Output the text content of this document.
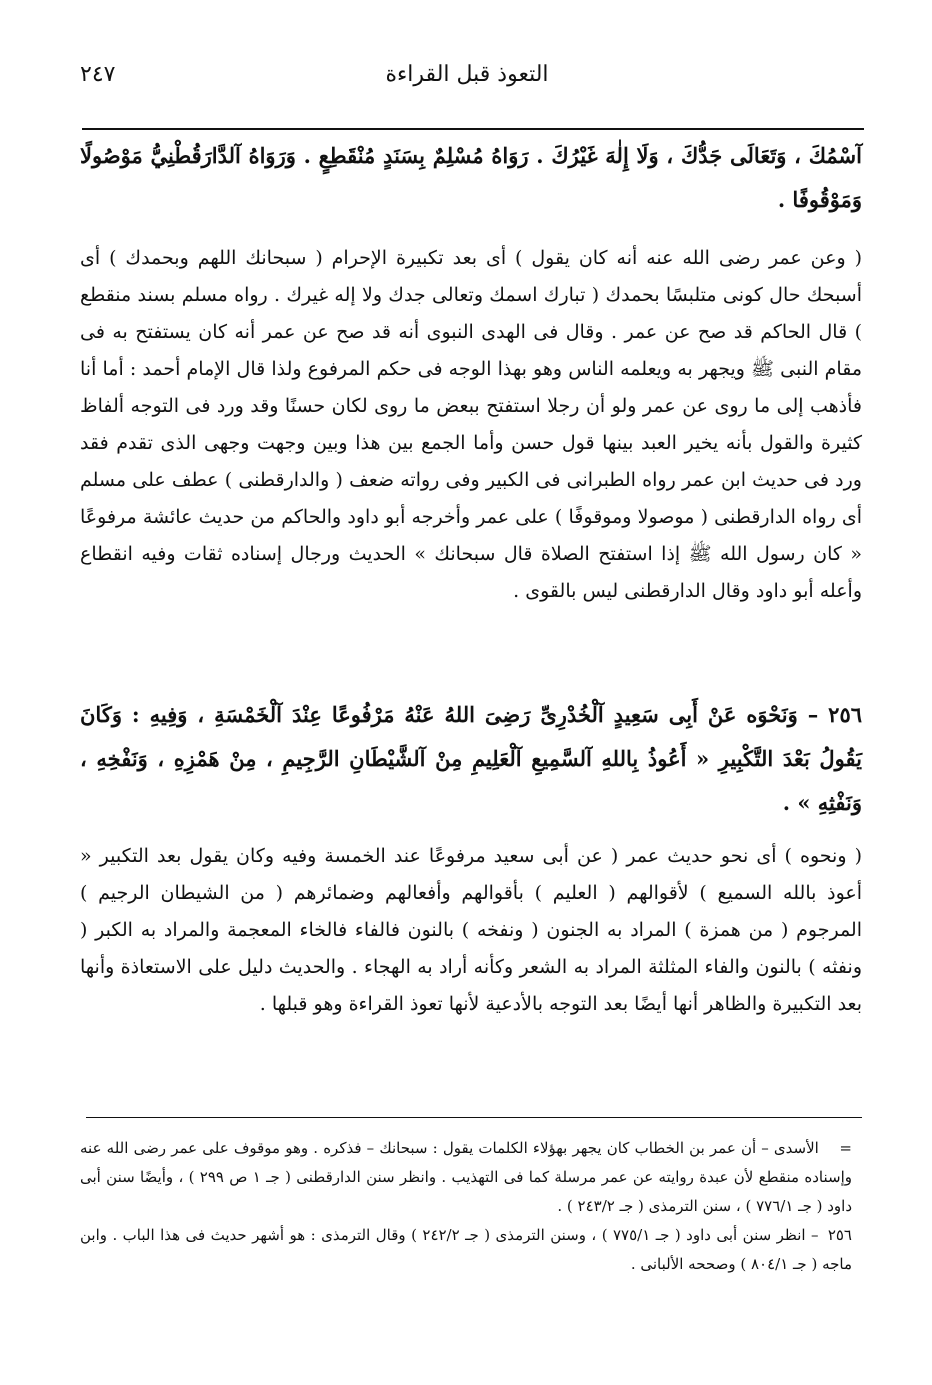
التعوذ قبل القراءة
٢٤٧

آسْمُكَ ، وَتَعَالَى جَدُّكَ ، وَلَا إِلٰهَ غَيْرُكَ . رَوَاهُ مُسْلِمٌ بِسَنَدٍ مُنْقَطِعٍ . وَرَوَاهُ آلدَّارَقُطْنِيُّ مَوْصُولًا وَمَوْقُوفًا .

( وعن عمر رضى الله عنه أنه كان يقول ) أى بعد تكبيرة الإحرام ( سبحانك اللهم وبحمدك ) أى أسبحك حال كونى متلبسًا بحمدك ( تبارك اسمك وتعالى جدك ولا إله غيرك . رواه مسلم بسند منقطع ) قال الحاكم قد صح عن عمر . وقال فى الهدى النبوى أنه قد صح عن عمر أنه كان يستفتح به فى مقام النبى ﷺ ويجهر به ويعلمه الناس وهو بهذا الوجه فى حكم المرفوع ولذا قال الإمام أحمد : أما أنا فأذهب إلى ما روى عن عمر ولو أن رجلا استفتح ببعض ما روى لكان حسنًا وقد ورد فى التوجه ألفاظ كثيرة والقول بأنه يخير العبد بينها قول حسن وأما الجمع بين هذا وبين وجهت وجهى الذى تقدم فقد ورد فى حديث ابن عمر رواه الطبرانى فى الكبير وفى رواته ضعف ( والدارقطنى ) عطف على مسلم أى رواه الدارقطنى ( موصولا وموقوفًا ) على عمر وأخرجه أبو داود والحاكم من حديث عائشة مرفوعًا « كان رسول الله ﷺ إذا استفتح الصلاة قال سبحانك » الحديث ورجال إسناده ثقات وفيه انقطاع وأعله أبو داود وقال الدارقطنى ليس بالقوى .

٢٥٦ – وَنَحْوَه عَنْ أَبِى سَعِيدٍ آلْخُدْرِىِّ رَضِىَ اللهُ عَنْهُ مَرْفُوعًا عِنْدَ آلْخَمْسَةِ ، وَفِيهِ : وَكَانَ يَقُولُ بَعْدَ التَّكْبِيرِ « أَعُوذُ بِاللهِ آلسَّمِيعِ آلْعَلِيمِ مِنْ آلشَّيْطَانِ الرَّجِيمِ ، مِنْ هَمْزِهِ ، وَنَفْخِهِ ، وَنَفْثِهِ » .

( ونحوه ) أى نحو حديث عمر ( عن أبى سعيد مرفوعًا عند الخمسة وفيه وكان يقول بعد التكبير « أعوذ بالله السميع ) لأقوالهم ( العليم ) بأقوالهم وأفعالهم وضمائرهم ( من الشيطان الرجيم ) المرجوم ( من همزة ) المراد به الجنون ( ونفخه ) بالنون فالفاء فالخاء المعجمة والمراد به الكبر ( ونفثه ) بالنون والفاء المثلثة المراد به الشعر وكأنه أراد به الهجاء . والحديث دليل على الاستعاذة وأنها بعد التكبيرة والظاهر أنها أيضًا بعد التوجه بالأدعية لأنها تعوذ القراءة وهو قبلها .

= الأسدى – أن عمر بن الخطاب كان يجهر بهؤلاء الكلمات يقول : سبحانك – فذكره . وهو موقوف على عمر رضى الله عنه وإسناده منقطع لأن عبدة روايته عن عمر مرسلة كما فى التهذيب . وانظر سنن الدارقطنى ( جـ ١ ص ٢٩٩ ) ، وأيضًا سنن أبى داود ( جـ ٧٧٦/١ ) ، سنن الترمذى ( جـ ٢٤٣/٢ ) .

٢٥٦ – انظر سنن أبى داود ( جـ ٧٧٥/١ ) ، وسنن الترمذى ( جـ ٢٤٢/٢ ) وقال الترمذى : هو أشهر حديث فى هذا الباب . وابن ماجه ( جـ ٨٠٤/١ ) وصححه الألبانى .
